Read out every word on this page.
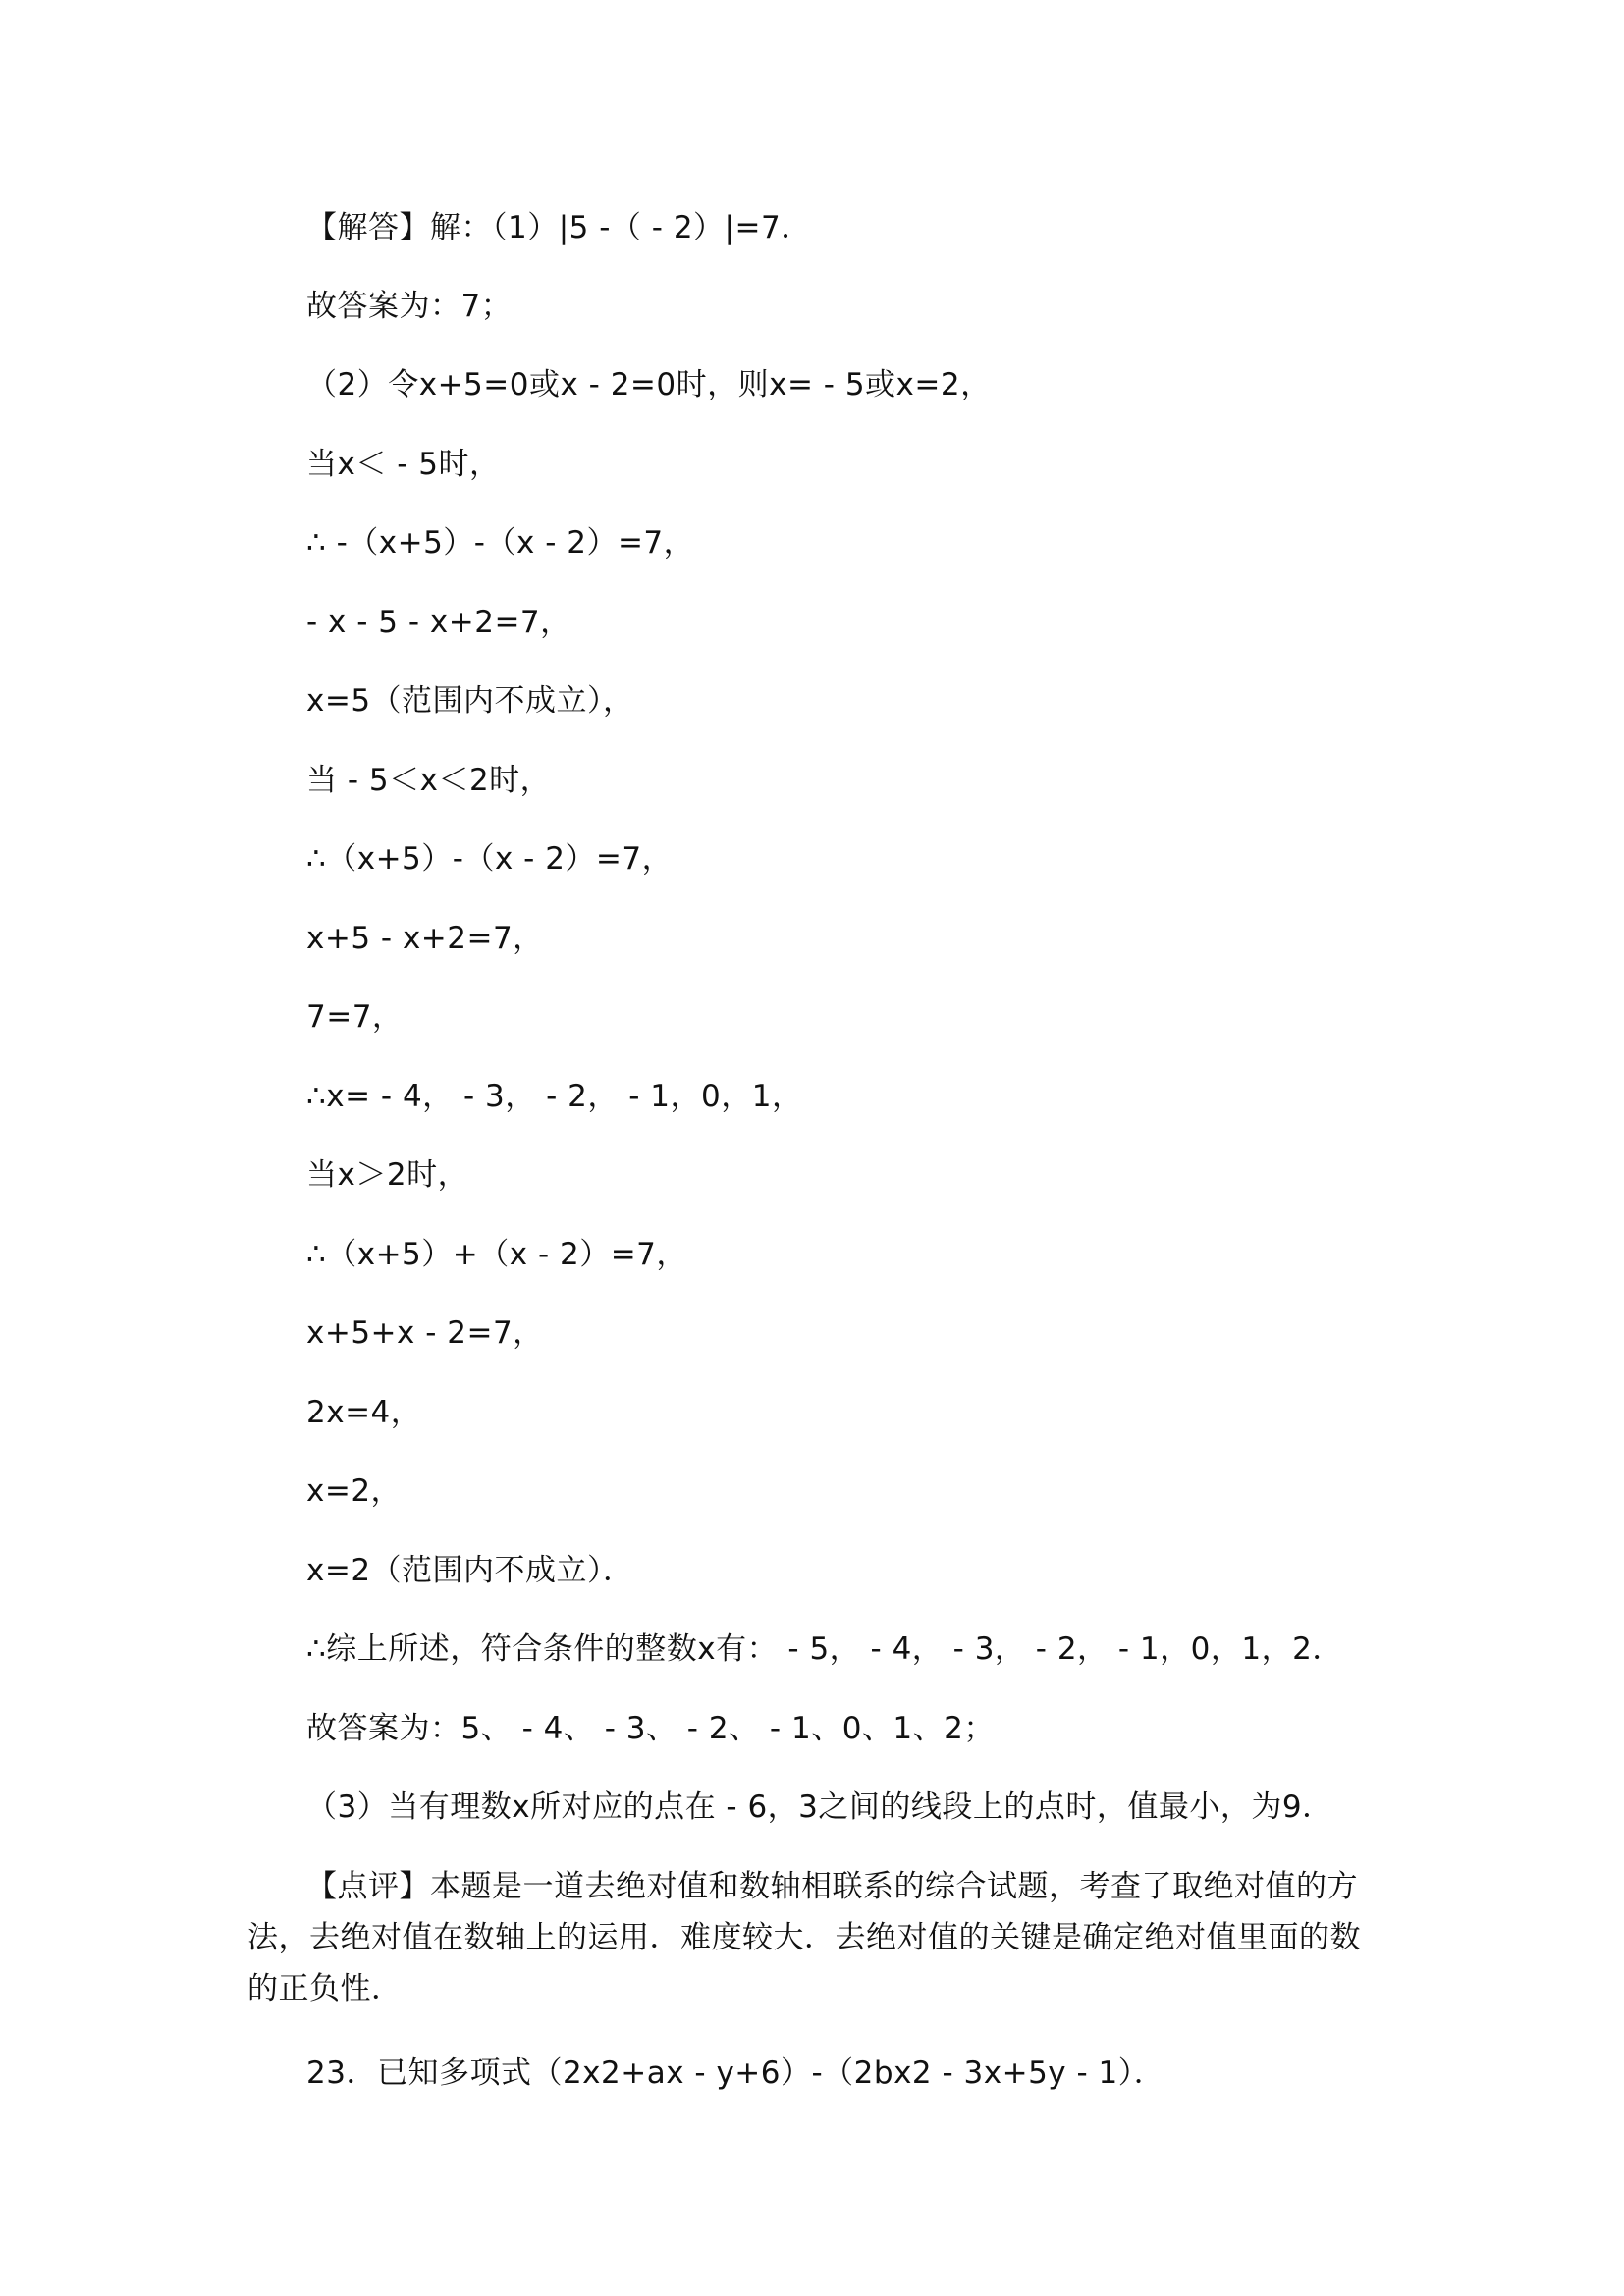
【解答】解：（1）|5 -（ - 2）|=7．
故答案为：7；
（2）令x+5=0或x - 2=0时，则x= - 5或x=2，
当x＜ - 5时，
∴ -（x+5）-（x - 2）=7，
- x - 5 - x+2=7，
x=5（范围内不成立），
当 - 5＜x＜2时，
∴（x+5）-（x - 2）=7，
x+5 - x+2=7，
7=7，
∴x= - 4， - 3， - 2， - 1，0，1，
当x＞2时，
∴（x+5）+（x - 2）=7，
x+5+x - 2=7，
2x=4，
x=2，
x=2（范围内不成立）．
∴综上所述，符合条件的整数x有： - 5， - 4， - 3， - 2， - 1，0，1，2．
故答案为：5、 - 4、 - 3、 - 2、 - 1、0、1、2；
（3）当有理数x所对应的点在 - 6，3之间的线段上的点时，值最小，为9．
【点评】本题是一道去绝对值和数轴相联系的综合试题，考查了取绝对值的方法，去绝对值在数轴上的运用．难度较大．去绝对值的关键是确定绝对值里面的数的正负性．
23．已知多项式（2x2+ax - y+6）-（2bx2 - 3x+5y - 1）．
